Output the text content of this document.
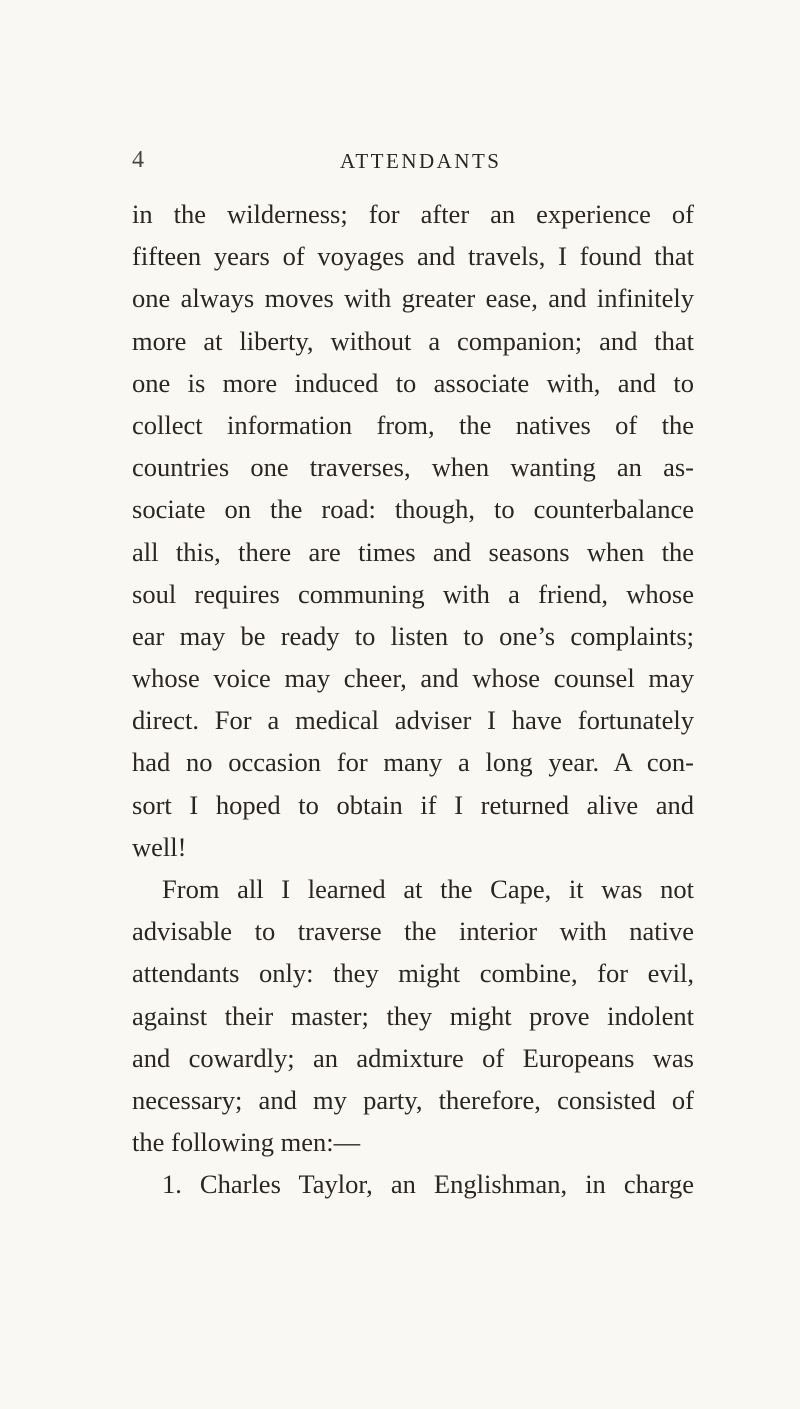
4	ATTENDANTS
in the wilderness; for after an experience of
fifteen years of voyages and travels, I found that
one always moves with greater ease, and infinitely
more at liberty, without a companion; and that
one is more induced to associate with, and to
collect information from, the natives of the
countries one traverses, when wanting an as-
sociate on the road: though, to counterbalance
all this, there are times and seasons when the
soul requires communing with a friend, whose
ear may be ready to listen to one’s complaints;
whose voice may cheer, and whose counsel may
direct. For a medical adviser I have fortunately
had no occasion for many a long year. A con-
sort I hoped to obtain if I returned alive and
well!
From all I learned at the Cape, it was not
advisable to traverse the interior with native
attendants only: they might combine, for evil,
against their master; they might prove indolent
and cowardly; an admixture of Europeans was
necessary; and my party, therefore, consisted of
the following men:—
1. Charles Taylor, an Englishman, in charge
